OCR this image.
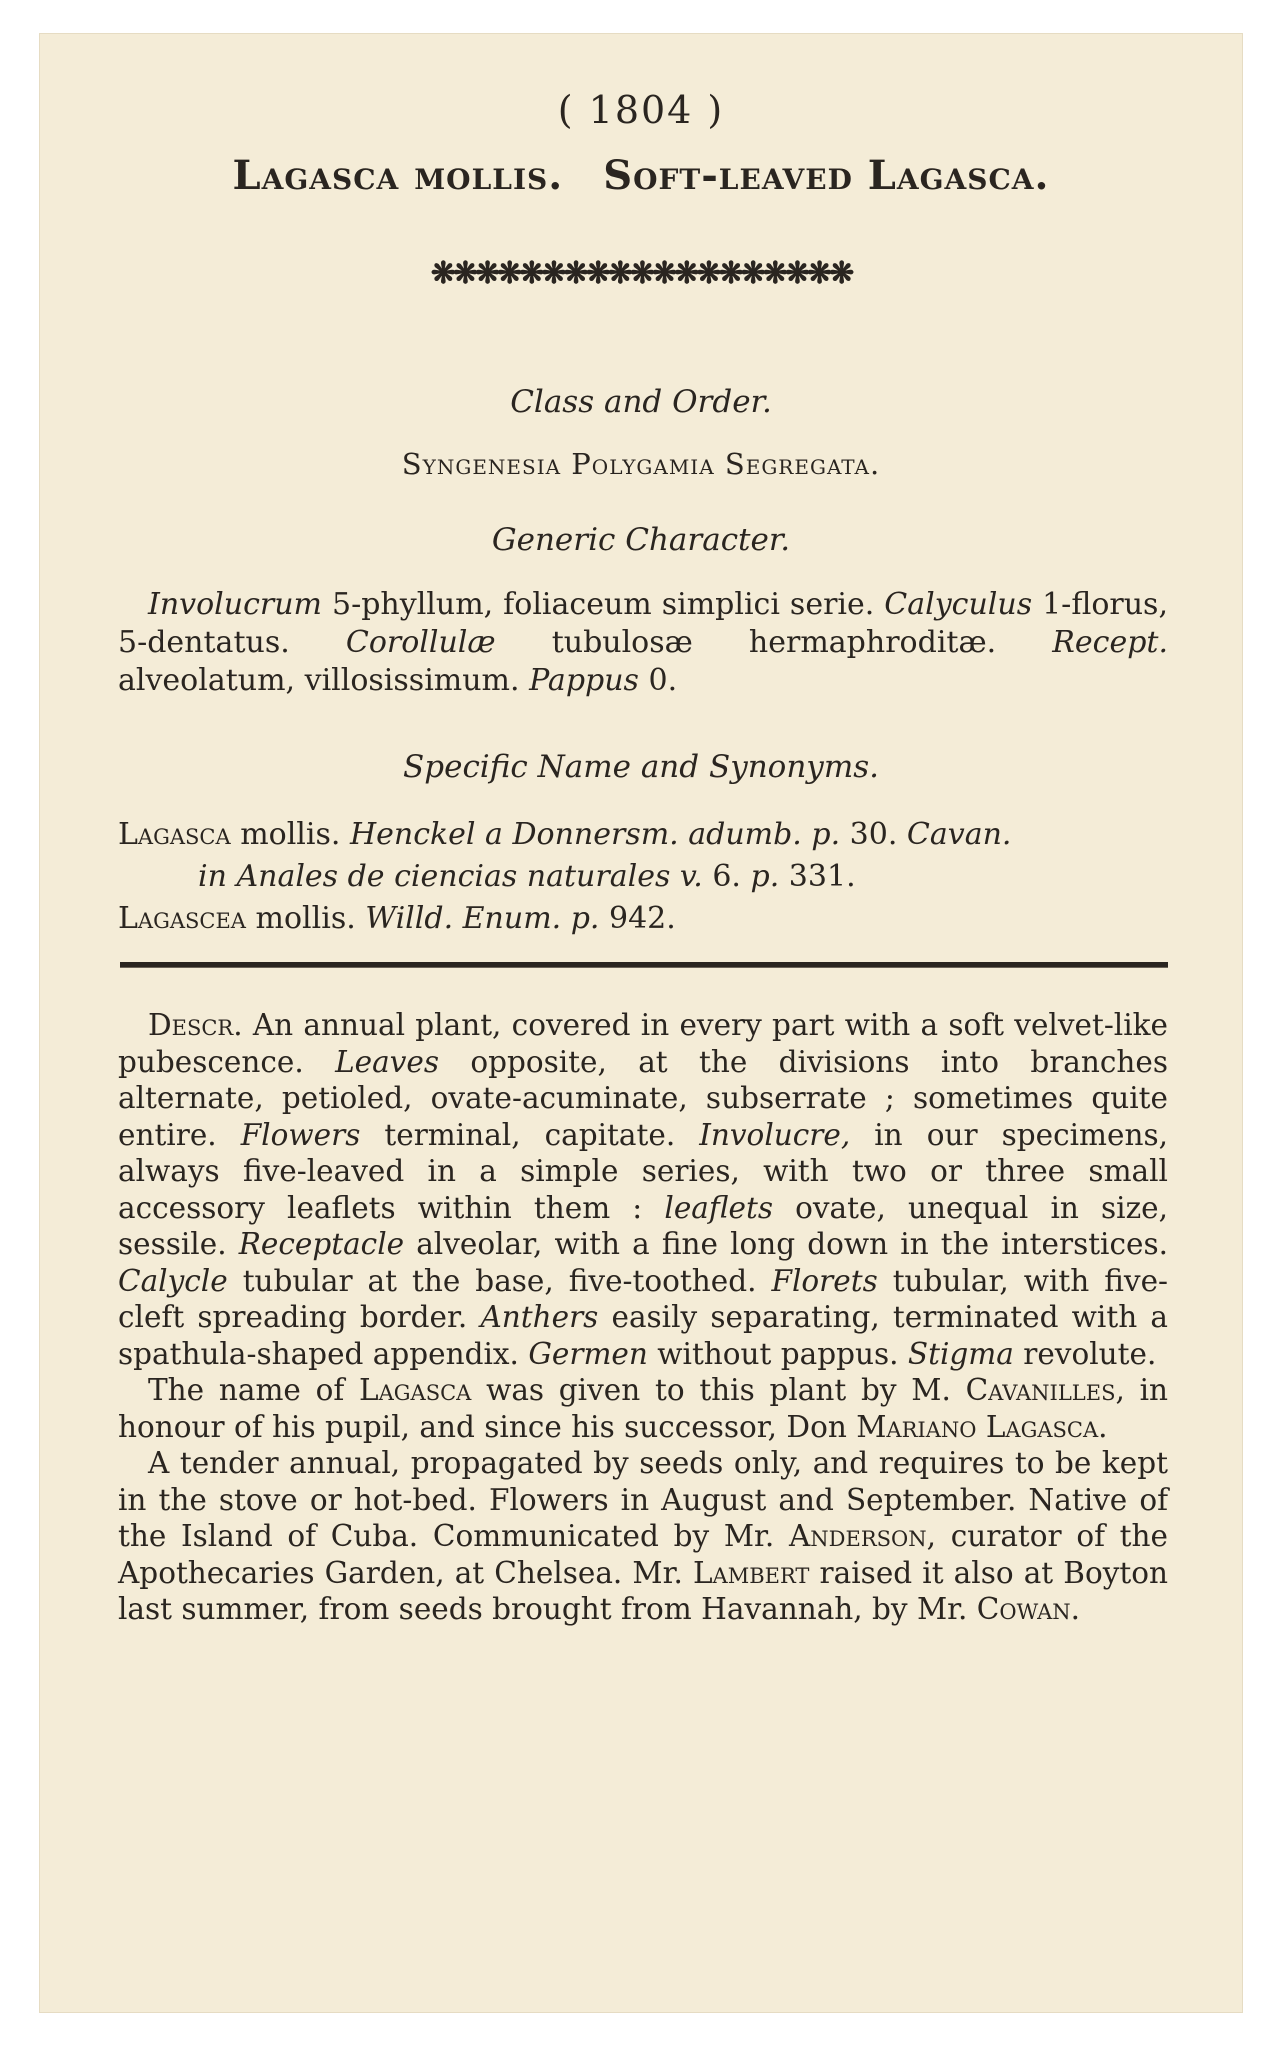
( 1804 )
Lagasca mollis. Soft-leaved Lagasca.
❋❋❋❋❋❋❋❋❋❋❋❋❋❋❋❋❋❋❋
Class and Order.
Syngenesia Polygamia Segregata.
Generic Character.
Involucrum 5-phyllum, foliaceum simplici serie. Calyculus 1-florus, 5-dentatus. Corollulæ tubulosæ hermaphroditæ. Recept. alveolatum, villosissimum. Pappus 0.
Specific Name and Synonyms.
Lagasca mollis. Henckel a Donnersm. adumb. p. 30. Cavan.
in Anales de ciencias naturales v. 6. p. 331.
Lagascea mollis. Willd. Enum. p. 942.

Descr. An annual plant, covered in every part with a soft velvet-like pubescence. Leaves opposite, at the divisions into branches alternate, petioled, ovate-acuminate, subserrate ; sometimes quite entire. Flowers terminal, capitate. Involucre, in our specimens, always five-leaved in a simple series, with two or three small accessory leaflets within them : leaflets ovate, unequal in size, sessile. Receptacle alveolar, with a fine long down in the interstices. Calycle tubular at the base, five-toothed. Florets tubular, with five-cleft spreading border. Anthers easily separating, terminated with a spathula-shaped appendix. Germen without pappus. Stigma revolute.

The name of Lagasca was given to this plant by M. Cavanilles, in honour of his pupil, and since his successor, Don Mariano Lagasca.

A tender annual, propagated by seeds only, and requires to be kept in the stove or hot-bed. Flowers in August and September. Native of the Island of Cuba. Communicated by Mr. Anderson, curator of the Apothecaries Garden, at Chelsea. Mr. Lambert raised it also at Boyton last summer, from seeds brought from Havannah, by Mr. Cowan.
